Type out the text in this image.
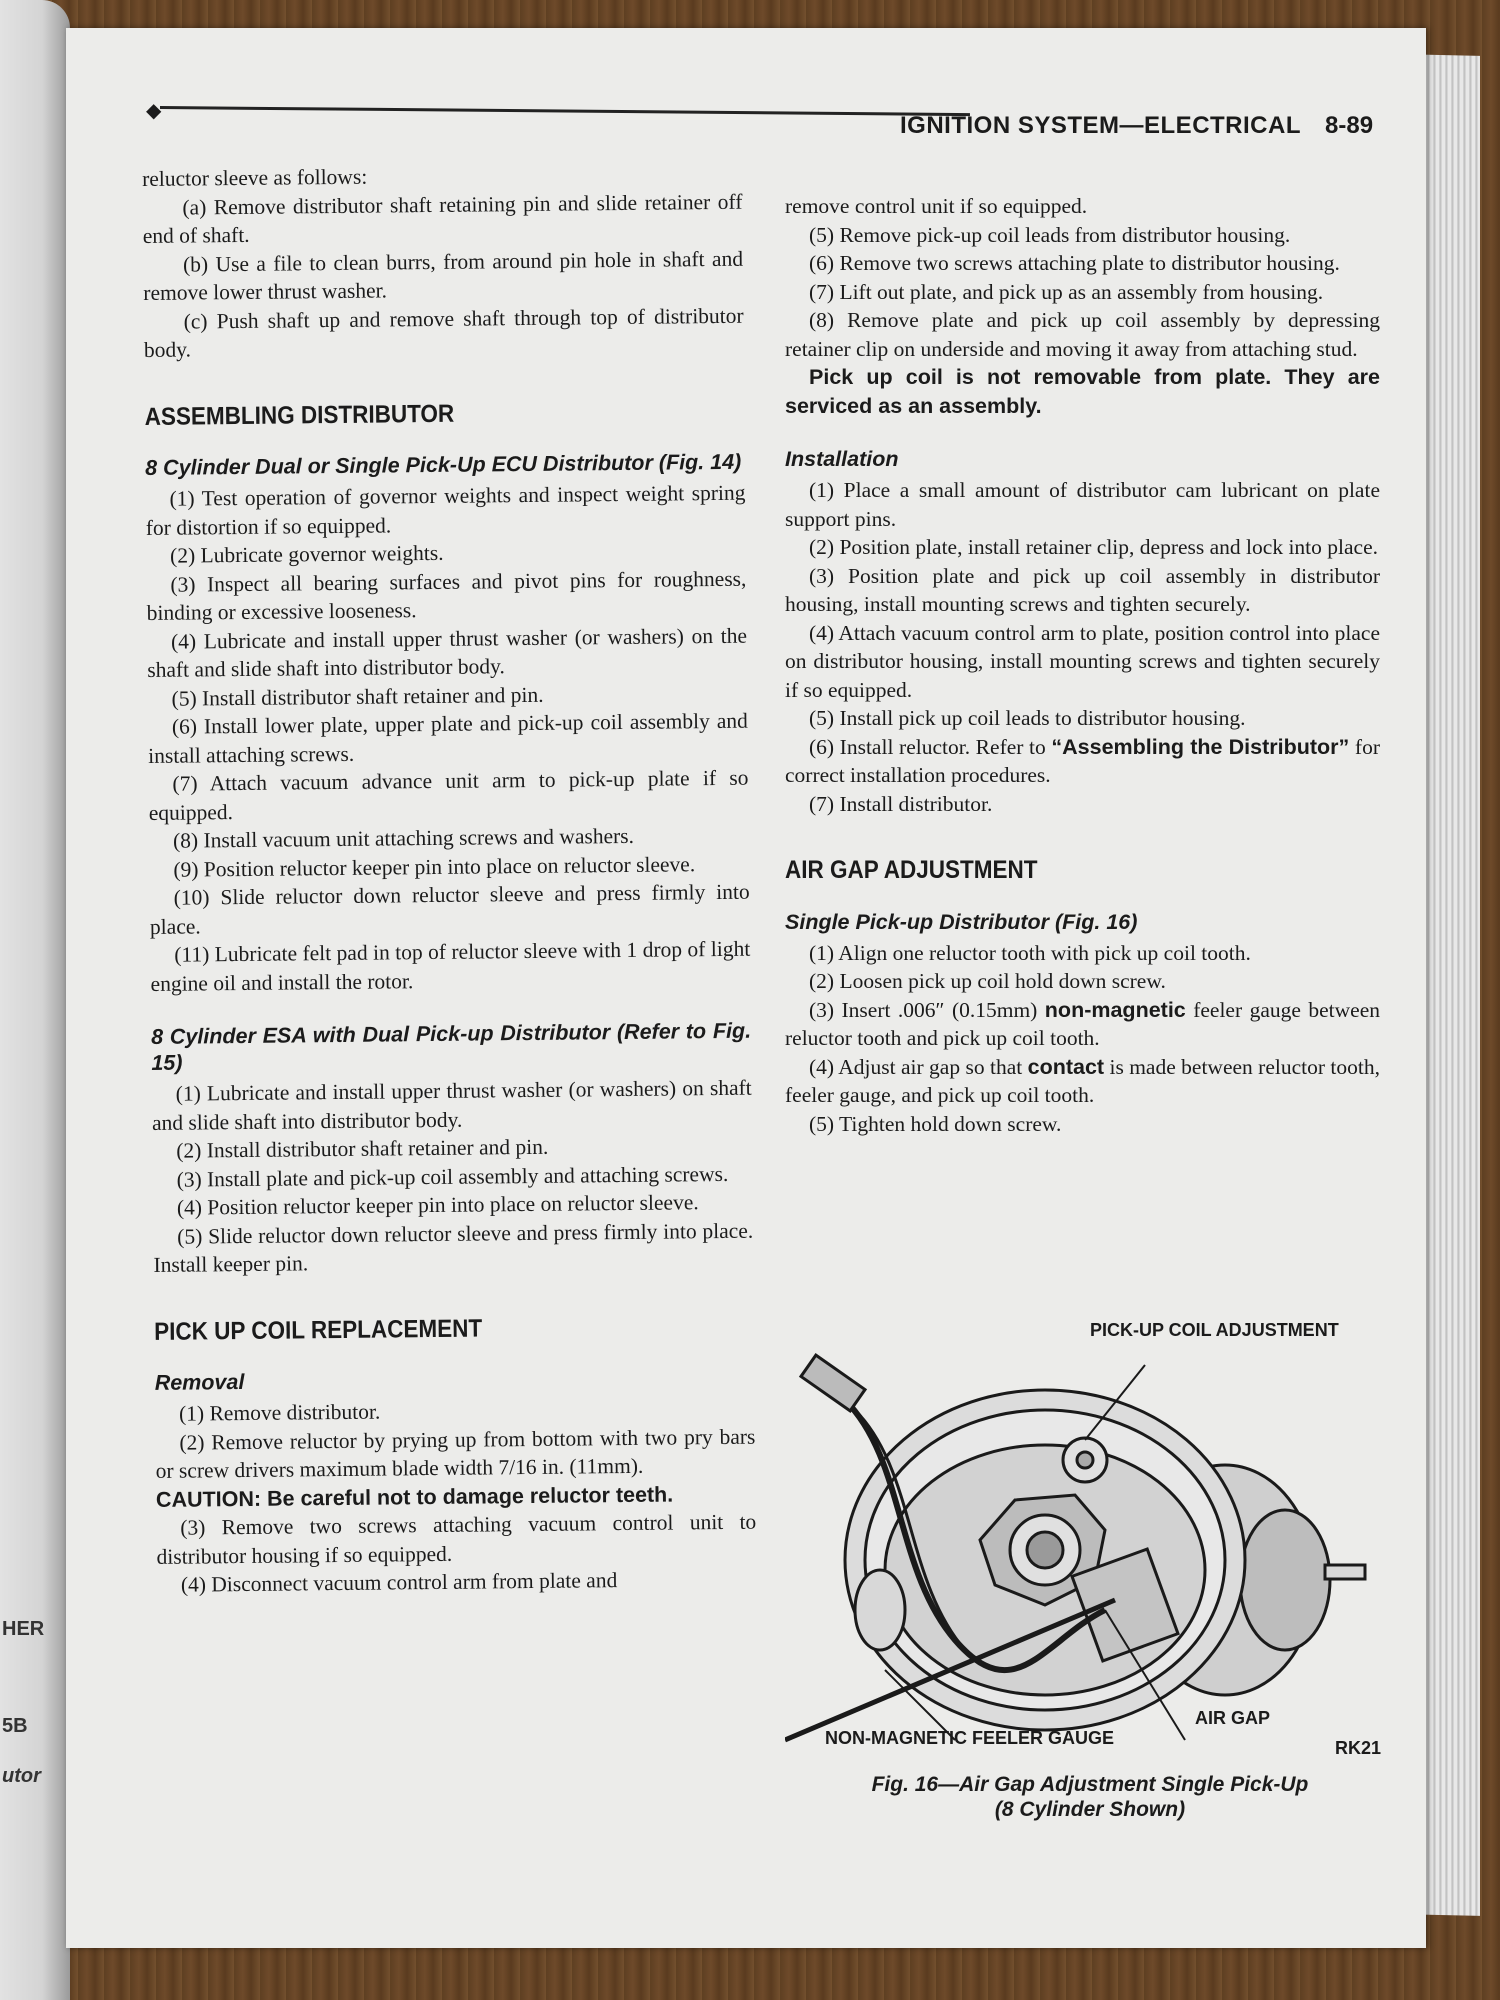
HER
5B
utor
◆
IGNITION SYSTEM—ELECTRICAL 8-89

reluctor sleeve as follows:

(a) Remove distributor shaft retaining pin and slide retainer off end of shaft.

(b) Use a file to clean burrs, from around pin hole in shaft and remove lower thrust washer.

(c) Push shaft up and remove shaft through top of distributor body.

ASSEMBLING DISTRIBUTOR
8 Cylinder Dual or Single Pick-Up ECU Distributor (Fig. 14)

(1) Test operation of governor weights and inspect weight spring for distortion if so equipped.

(2) Lubricate governor weights.

(3) Inspect all bearing surfaces and pivot pins for roughness, binding or excessive looseness.

(4) Lubricate and install upper thrust washer (or washers) on the shaft and slide shaft into distributor body.

(5) Install distributor shaft retainer and pin.

(6) Install lower plate, upper plate and pick-up coil assembly and install attaching screws.

(7) Attach vacuum advance unit arm to pick-up plate if so equipped.

(8) Install vacuum unit attaching screws and washers.

(9) Position reluctor keeper pin into place on reluctor sleeve.

(10) Slide reluctor down reluctor sleeve and press firmly into place.

(11) Lubricate felt pad in top of reluctor sleeve with 1 drop of light engine oil and install the rotor.

8 Cylinder ESA with Dual Pick-up Distributor (Refer to Fig. 15)

(1) Lubricate and install upper thrust washer (or washers) on shaft and slide shaft into distributor body.

(2) Install distributor shaft retainer and pin.

(3) Install plate and pick-up coil assembly and attaching screws.

(4) Position reluctor keeper pin into place on reluctor sleeve.

(5) Slide reluctor down reluctor sleeve and press firmly into place. Install keeper pin.

PICK UP COIL REPLACEMENT
Removal

(1) Remove distributor.

(2) Remove reluctor by prying up from bottom with two pry bars or screw drivers maximum blade width 7/16 in. (11mm).

CAUTION: Be careful not to damage reluctor teeth.

(3) Remove two screws attaching vacuum control unit to distributor housing if so equipped.

(4) Disconnect vacuum control arm from plate and

remove control unit if so equipped.

(5) Remove pick-up coil leads from distributor housing.

(6) Remove two screws attaching plate to distributor housing.

(7) Lift out plate, and pick up as an assembly from housing.

(8) Remove plate and pick up coil assembly by depressing retainer clip on underside and moving it away from attaching stud.

Pick up coil is not removable from plate. They are serviced as an assembly.

Installation

(1) Place a small amount of distributor cam lubricant on plate support pins.

(2) Position plate, install retainer clip, depress and lock into place.

(3) Position plate and pick up coil assembly in distributor housing, install mounting screws and tighten securely.

(4) Attach vacuum control arm to plate, position control into place on distributor housing, install mounting screws and tighten securely if so equipped.

(5) Install pick up coil leads to distributor housing.

(6) Install reluctor. Refer to “Assembling the Distributor” for correct installation procedures.

(7) Install distributor.

AIR GAP ADJUSTMENT
Single Pick-up Distributor (Fig. 16)

(1) Align one reluctor tooth with pick up coil tooth.

(2) Loosen pick up coil hold down screw.

(3) Insert .006″ (0.15mm) non-magnetic feeler gauge between reluctor tooth and pick up coil tooth.

(4) Adjust air gap so that contact is made between reluctor tooth, feeler gauge, and pick up coil tooth.

(5) Tighten hold down screw.

PICK-UP COIL ADJUSTMENT
AIR GAP
NON-MAGNETIC FEELER GAUGE	RK21
Fig. 16—Air Gap Adjustment Single Pick-Up
(8 Cylinder Shown)
